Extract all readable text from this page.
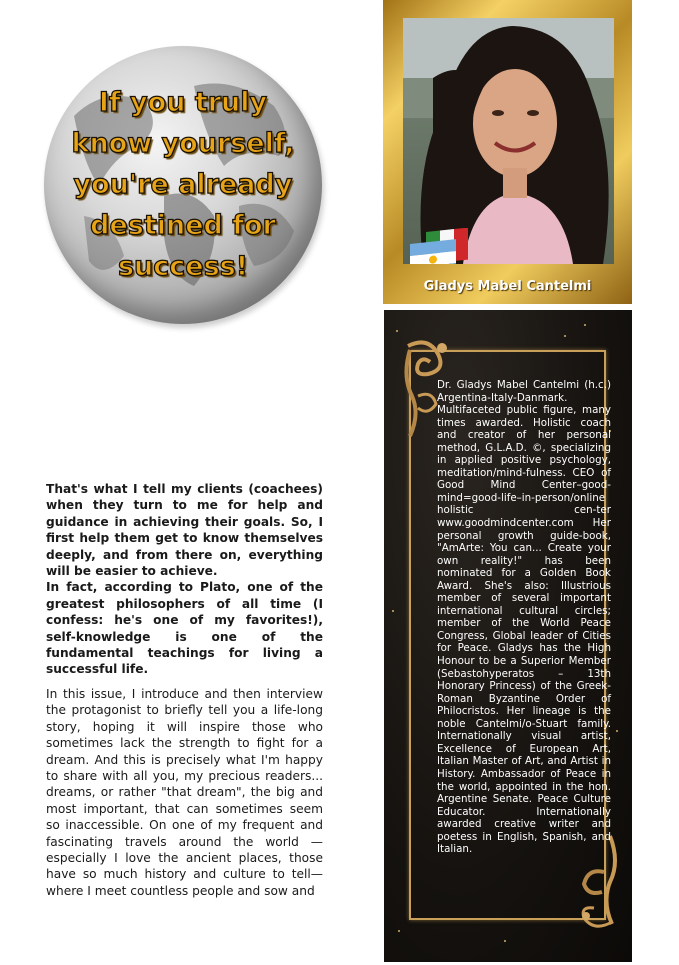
If you truly
know yourself,
you're already
destined for
success!
Gladys Mabel Cantelmi
Dr. Gladys Mabel Cantelmi (h.c.) Argentina-Italy-Danmark. Multifaceted public figure, many times awarded. Holistic coach and creator of her personal method, G.L.A.D. ©, specializing in applied positive psychology, meditation/mind-fulness. CEO of Good Mind Center–good-mind=good-life–in-person/online holistic cen-ter www.goodmindcenter.com Her personal growth guide-book, "AmArte: You can... Create your own reality!" has been nominated for a Golden Book Award. She's also: Illustrious member of several important international cultural circles; member of the World Peace Congress, Global leader of Cities for Peace. Gladys has the High Honour to be a Superior Member (Sebastohyperatos – 13th Honorary Princess) of the Greek-Roman Byzantine Order of Philocristos. Her lineage is the noble Cantelmi/o-Stuart family. Internationally visual artist, Excellence of European Art, Italian Master of Art, and Artist in History. Ambassador of Peace in the world, appointed in the hon. Argentine Senate. Peace Culture Educator. Internationally awarded creative writer and poetess in English, Spanish, and Italian.

That's what I tell my clients (coachees) when they turn to me for help and guidance in achieving their goals. So, I first help them get to know themselves deeply, and from there on, everything will be easier to achieve.

In fact, according to Plato, one of the greatest philosophers of all time (I confess: he's one of my favorites!), self-knowledge is one of the fundamental teachings for living a successful life.

In this issue, I introduce and then interview the protagonist to briefly tell you a life-long story, hoping it will inspire those who sometimes lack the strength to fight for a dream. And this is precisely what I'm happy to share with all you, my precious readers... dreams, or rather "that dream", the big and most important, that can sometimes seem so inaccessible. On one of my frequent and fascinating travels around the world —especially I love the ancient places, those have so much history and culture to tell— where I meet countless people and sow and
